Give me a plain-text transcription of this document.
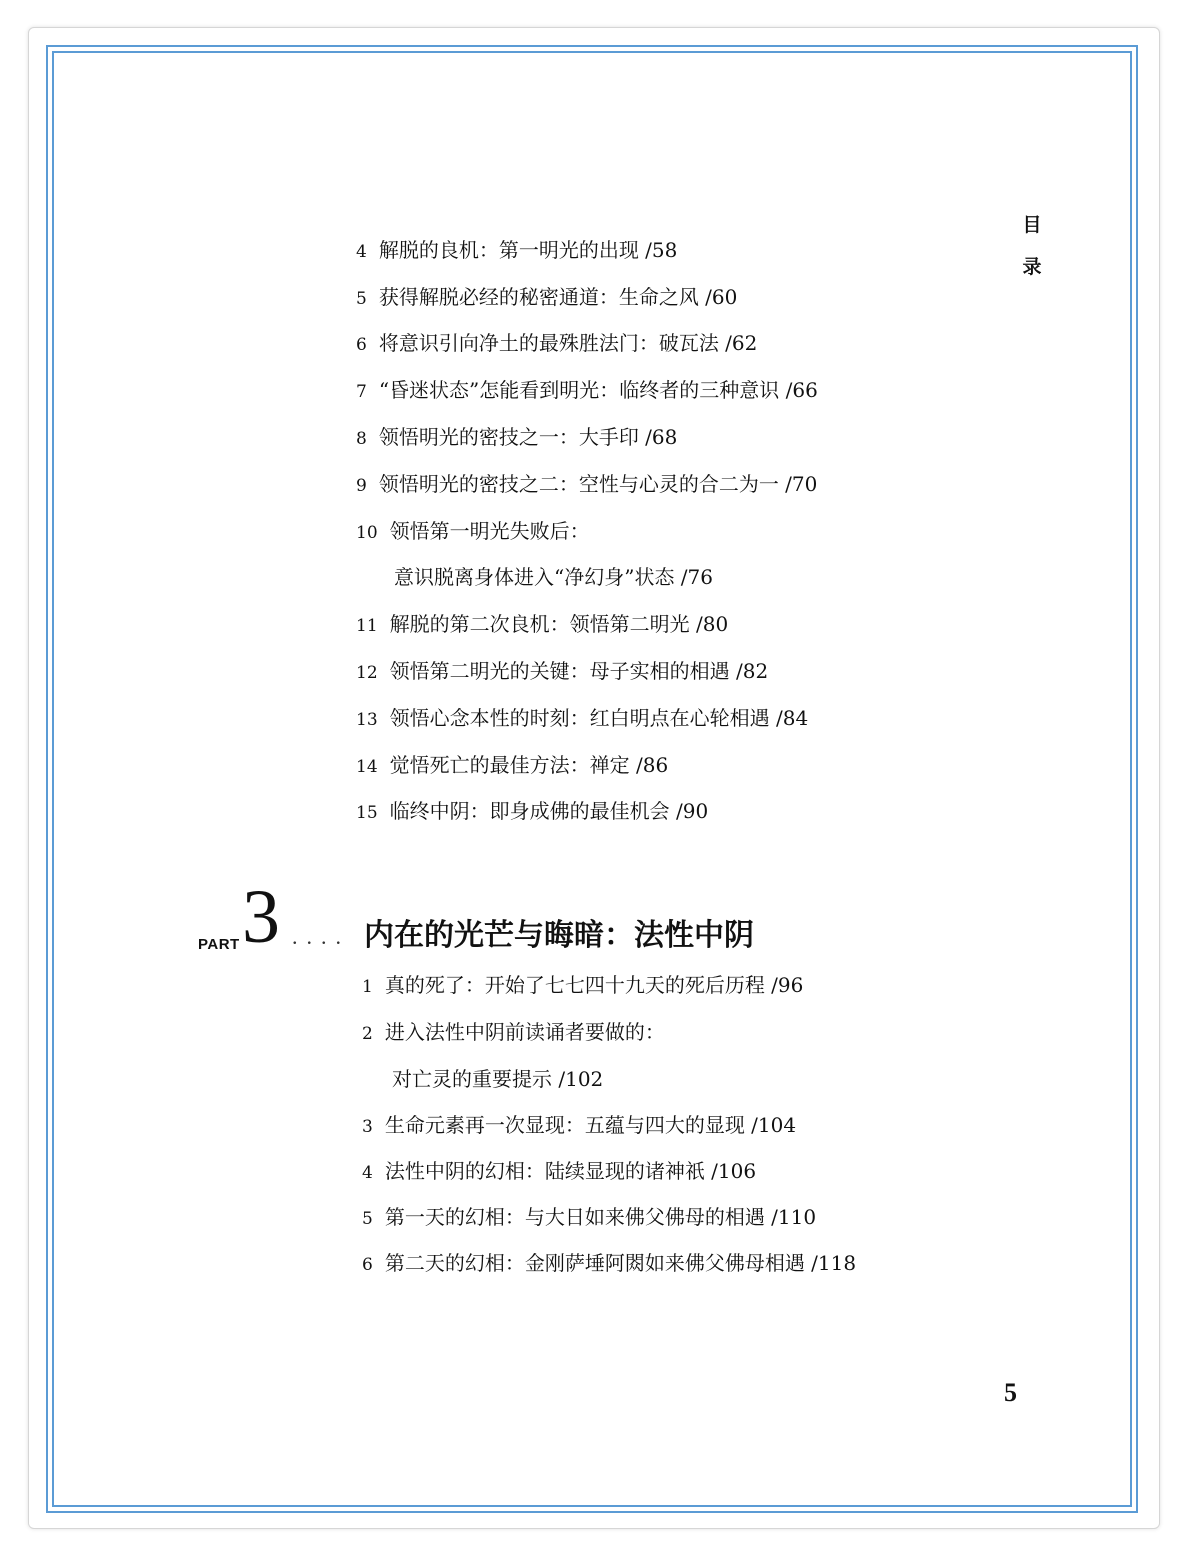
目
录
4 解脱的良机：第一明光的出现 /58
5 获得解脱必经的秘密通道：生命之风 /60
6 将意识引向净土的最殊胜法门：破瓦法 /62
7 “昏迷状态”怎能看到明光：临终者的三种意识 /66
8 领悟明光的密技之一：大手印 /68
9 领悟明光的密技之二：空性与心灵的合二为一 /70
10 领悟第一明光失败后：
意识脱离身体进入“净幻身”状态 /76
11 解脱的第二次良机：领悟第二明光 /80
12 领悟第二明光的关键：母子实相的相遇 /82
13 领悟心念本性的时刻：红白明点在心轮相遇 /84
14 觉悟死亡的最佳方法：禅定 /86
15 临终中阴：即身成佛的最佳机会 /90
PART 3 .... 内在的光芒与晦暗：法性中阴
1 真的死了：开始了七七四十九天的死后历程 /96
2 进入法性中阴前读诵者要做的：
对亡灵的重要提示 /102
3 生命元素再一次显现：五蕴与四大的显现 /104
4 法性中阴的幻相：陆续显现的诸神祇 /106
5 第一天的幻相：与大日如来佛父佛母的相遇 /110
6 第二天的幻相：金刚萨埵阿閦如来佛父佛母相遇 /118
5
